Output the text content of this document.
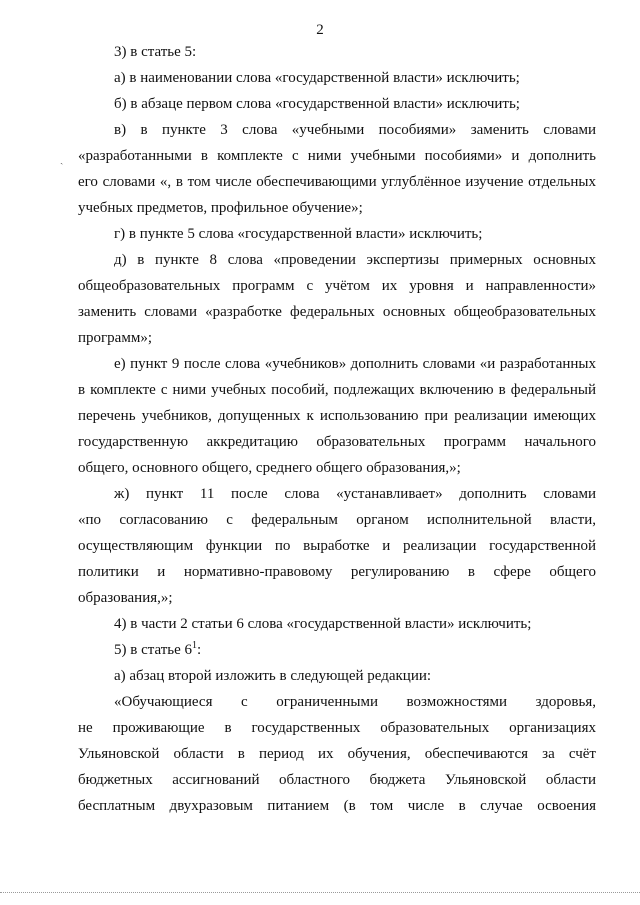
2
ˎ
3) в статье 5:
а) в наименовании слова «государственной власти» исключить;
б) в абзаце первом слова «государственной власти» исключить;
в) в пункте 3 слова «учебными пособиями» заменить словами
«разработанными в комплекте с ними учебными пособиями» и дополнить
его словами «, в том числе обеспечивающими углублённое изучение отдельных
учебных предметов, профильное обучение»;
г) в пункте 5 слова «государственной власти» исключить;
д) в пункте 8 слова «проведении экспертизы примерных основных
общеобразовательных программ с учётом их уровня и направленности»
заменить словами «разработке федеральных основных общеобразовательных
программ»;
е) пункт 9 после слова «учебников» дополнить словами «и разработанных
в комплекте с ними учебных пособий, подлежащих включению в федеральный
перечень учебников, допущенных к использованию при реализации имеющих
государственную аккредитацию образовательных программ начального
общего, основного общего, среднего общего образования,»;
ж) пункт 11 после слова «устанавливает» дополнить словами
«по согласованию с федеральным органом исполнительной власти,
осуществляющим функции по выработке и реализации государственной
политики и нормативно-правовому регулированию в сфере общего
образования,»;
4) в части 2 статьи 6 слова «государственной власти» исключить;
5) в статье $6^1$:
а) абзац второй изложить в следующей редакции:
«Обучающиеся с ограниченными возможностями здоровья,
не проживающие в государственных образовательных организациях
Ульяновской области в период их обучения, обеспечиваются за счёт
бюджетных ассигнований областного бюджета Ульяновской области
бесплатным двухразовым питанием (в том числе в случае освоения
